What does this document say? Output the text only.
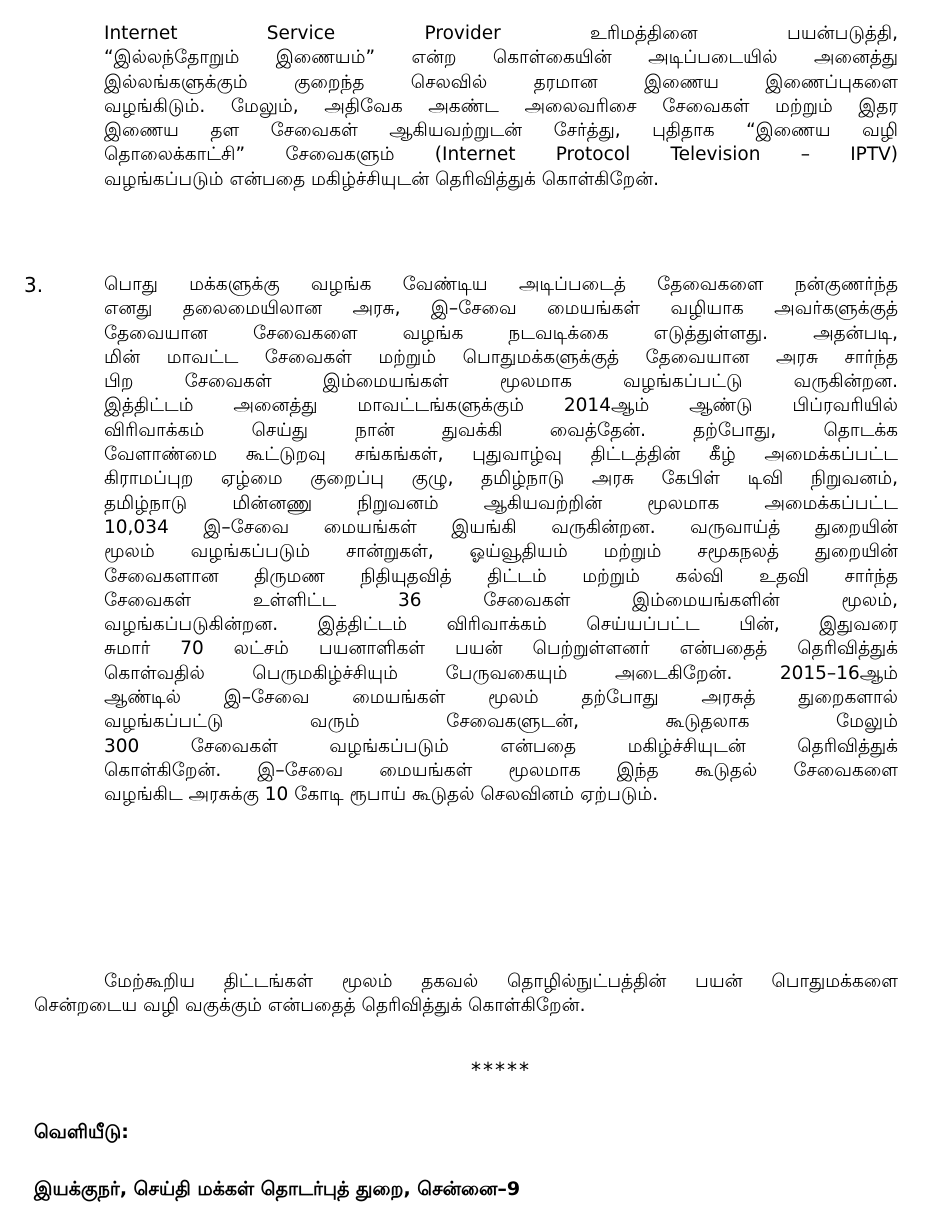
Internet Service Provider உரிமத்தினை பயன்படுத்தி,
“இல்லந்தோறும் இணையம்” என்ற கொள்கையின் அடிப்படையில் அனைத்து
இல்லங்களுக்கும் குறைந்த செலவில் தரமான இணைய இணைப்புகளை
வழங்கிடும். மேலும், அதிவேக அகண்ட அலைவரிசை சேவைகள் மற்றும் இதர
இணைய தள சேவைகள் ஆகியவற்றுடன் சேர்த்து, புதிதாக “இணைய வழி
தொலைக்காட்சி” சேவைகளும் (Internet Protocol Television – IPTV)
வழங்கப்படும் என்பதை மகிழ்ச்சியுடன் தெரிவித்துக் கொள்கிறேன்.
3.	பொது மக்களுக்கு வழங்க வேண்டிய அடிப்படைத் தேவைகளை நன்குணர்ந்த
எனது தலைமையிலான அரசு, இ–சேவை மையங்கள் வழியாக அவர்களுக்குத்
தேவையான சேவைகளை வழங்க நடவடிக்கை எடுத்துள்ளது. அதன்படி,
மின் மாவட்ட சேவைகள் மற்றும் பொதுமக்களுக்குத் தேவையான அரசு சார்ந்த
பிற சேவைகள் இம்மையங்கள் மூலமாக வழங்கப்பட்டு வருகின்றன.
இத்திட்டம் அனைத்து மாவட்டங்களுக்கும் 2014ஆம் ஆண்டு பிப்ரவரியில்
விரிவாக்கம் செய்து நான் துவக்கி வைத்தேன். தற்போது, தொடக்க
வேளாண்மை கூட்டுறவு சங்கங்கள், புதுவாழ்வு திட்டத்தின் கீழ் அமைக்கப்பட்ட
கிராமப்புற ஏழ்மை குறைப்பு குழு, தமிழ்நாடு அரசு கேபிள் டிவி நிறுவனம்,
தமிழ்நாடு மின்னணு நிறுவனம் ஆகியவற்றின் மூலமாக அமைக்கப்பட்ட
10,034 இ–சேவை மையங்கள் இயங்கி வருகின்றன. வருவாய்த் துறையின்
மூலம் வழங்கப்படும் சான்றுகள், ஓய்வூதியம் மற்றும் சமூகநலத் துறையின்
சேவைகளான திருமண நிதியுதவித் திட்டம் மற்றும் கல்வி உதவி சார்ந்த
சேவைகள் உள்ளிட்ட 36 சேவைகள் இம்மையங்களின் மூலம்,
வழங்கப்படுகின்றன. இத்திட்டம் விரிவாக்கம் செய்யப்பட்ட பின், இதுவரை
சுமார் 70 லட்சம் பயனாளிகள் பயன் பெற்றுள்ளனர் என்பதைத் தெரிவித்துக்
கொள்வதில் பெருமகிழ்ச்சியும் பேருவகையும் அடைகிறேன். 2015–16ஆம்
ஆண்டில் இ–சேவை மையங்கள் மூலம் தற்போது அரசுத் துறைகளால்
வழங்கப்பட்டு வரும் சேவைகளுடன், கூடுதலாக மேலும்
300 சேவைகள் வழங்கப்படும் என்பதை மகிழ்ச்சியுடன் தெரிவித்துக்
கொள்கிறேன். இ–சேவை மையங்கள் மூலமாக இந்த கூடுதல் சேவைகளை
வழங்கிட அரசுக்கு 10 கோடி ரூபாய் கூடுதல் செலவினம் ஏற்படும்.
மேற்கூறிய திட்டங்கள் மூலம் தகவல் தொழில்நுட்பத்தின் பயன் பொதுமக்களை
சென்றடைய வழி வகுக்கும் என்பதைத் தெரிவித்துக் கொள்கிறேன்.
*****
வெளியீடு:
இயக்குநர், செய்தி மக்கள் தொடர்புத் துறை, சென்னை–9
